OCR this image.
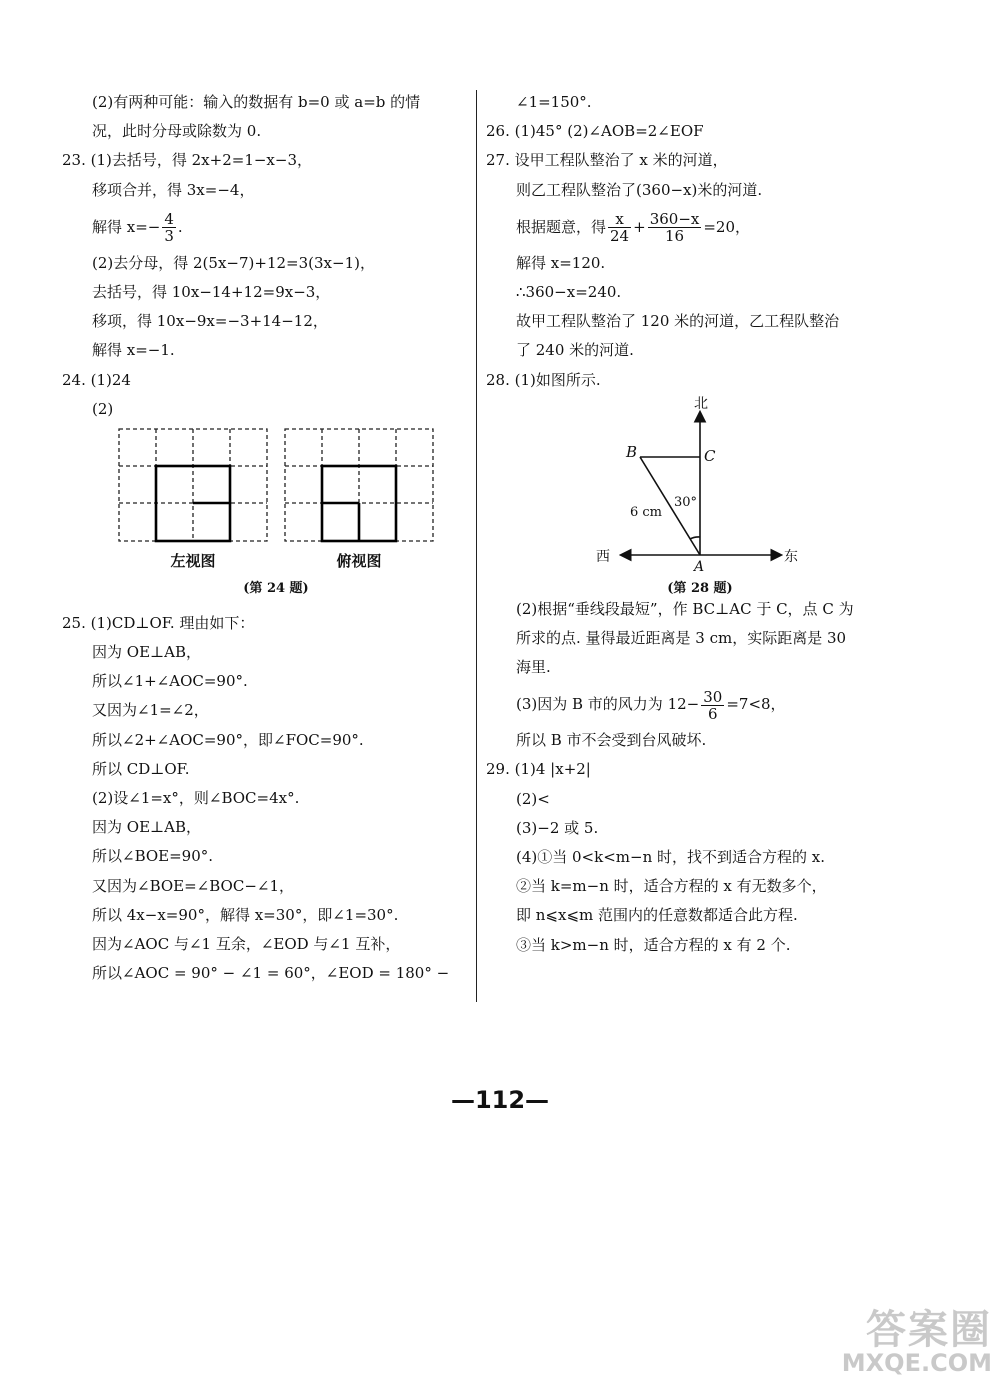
(2)有两种可能：输入的数据有 b=0 或 a=b 的情
况，此时分母或除数为 0.
23. (1)去括号，得 2x+2=1−x−3，
移项合并，得 3x=−4，
解得 $x=- \frac{4}{3}$ .
(2)去分母，得 2(5x−7)+12=3(3x−1)，
去括号，得 10x−14+12=9x−3，
移项，得 10x−9x=−3+14−12，
解得 x=−1.
24. (1)24
(2)
左视图	俯视图
(第 24 题)
25. (1)CD⊥OF. 理由如下：
因为 OE⊥AB，
所以∠1+∠AOC=90°.
又因为∠1=∠2，
所以∠2+∠AOC=90°，即∠FOC=90°.
所以 CD⊥OF.
(2)设∠1=x°，则∠BOC=4x°.
因为 OE⊥AB，
所以∠BOE=90°.
又因为∠BOE=∠BOC−∠1，
所以 4x−x=90°，解得 x=30°，即∠1=30°.
因为∠AOC 与∠1 互余，∠EOD 与∠1 互补，
所以∠AOC = 90° − ∠1 = 60°，∠EOD = 180° −
∠1=150°.
26. (1)45° (2)∠AOB=2∠EOF
27. 设甲工程队整治了 x 米的河道，
则乙工程队整治了(360−x)米的河道.
根据题意，得 $\frac{x}{24} + \frac{360-x}{16} =20$，
解得 x=120.
∴360−x=240.
故甲工程队整治了 120 米的河道，乙工程队整治
了 240 米的河道.
28. (1)如图所示.
北
西	东
B	C
A
6 cm
30°
(第 28 题)
(2)根据“垂线段最短”，作 BC⊥AC 于 C，点 C 为
所求的点. 量得最近距离是 3 cm，实际距离是 30
海里.
(3)因为 B 市的风力为 $12- \frac{30}{6} =7<8$，
所以 B 市不会受到台风破坏.
29. (1)4 |x+2|
(2)<
(3)−2 或 5.
(4)①当 0<k<m−n 时，找不到适合方程的 x.
②当 k=m−n 时，适合方程的 x 有无数多个，
即 n⩽x⩽m 范围内的任意数都适合此方程.
③当 k>m−n 时，适合方程的 x 有 2 个.
—112—
答案圈
MXQE.COM
